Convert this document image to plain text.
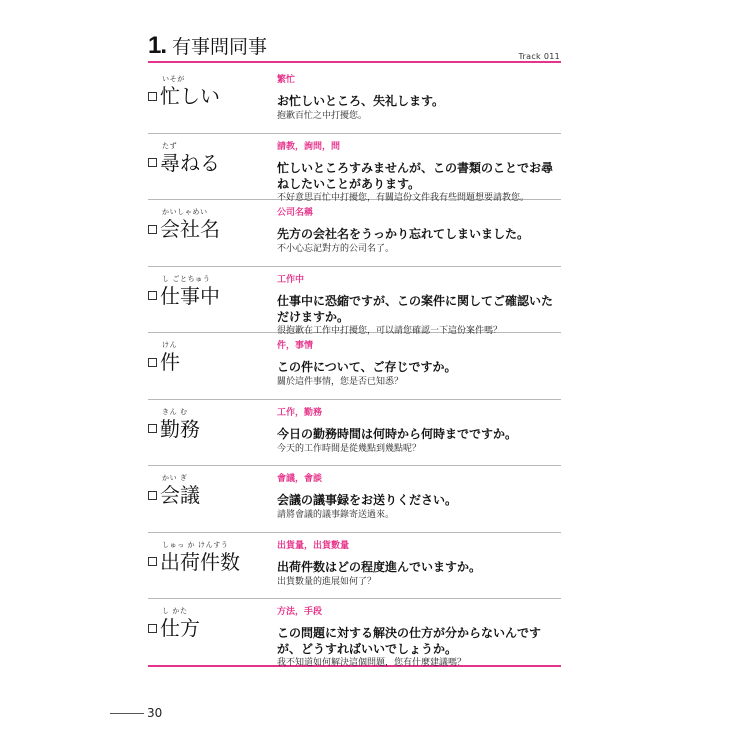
1. 有事問同事	Track 011
いそが
忙しい
繁忙
お忙しいところ、失礼します。
抱歉百忙之中打擾您。
たず
尋ねる
請教，詢問，問
忙しいところすみませんが、この書類のことでお尋ねしたいことがあります。
不好意思百忙中打擾您，有關這份文件我有些問題想要請教您。
かいしゃめい
会社名
公司名稱
先方の会社名をうっかり忘れてしまいました。
不小心忘記對方的公司名了。
し ごとちゅう
仕事中
工作中
仕事中に恐縮ですが、この案件に関してご確認いただけますか。
很抱歉在工作中打擾您，可以請您確認一下這份案件嗎？
けん
件
件，事情
この件について、ご存じですか。
關於這件事情，您是否已知悉？
きん む
勤務
工作，勤務
今日の勤務時間は何時から何時までですか。
今天的工作時間是從幾點到幾點呢？
かい ぎ
会議
會議，會談
会議の議事録をお送りください。
請將會議的議事錄寄送過來。
しゅっ か けんすう
出荷件数
出貨量，出貨數量
出荷件数はどの程度進んでいますか。
出貨數量的進展如何了？
し かた
仕方
方法，手段
この問題に対する解決の仕方が分からないんですが、どうすればいいでしょうか。
我不知道如何解決這個問題，您有什麼建議嗎？
30
